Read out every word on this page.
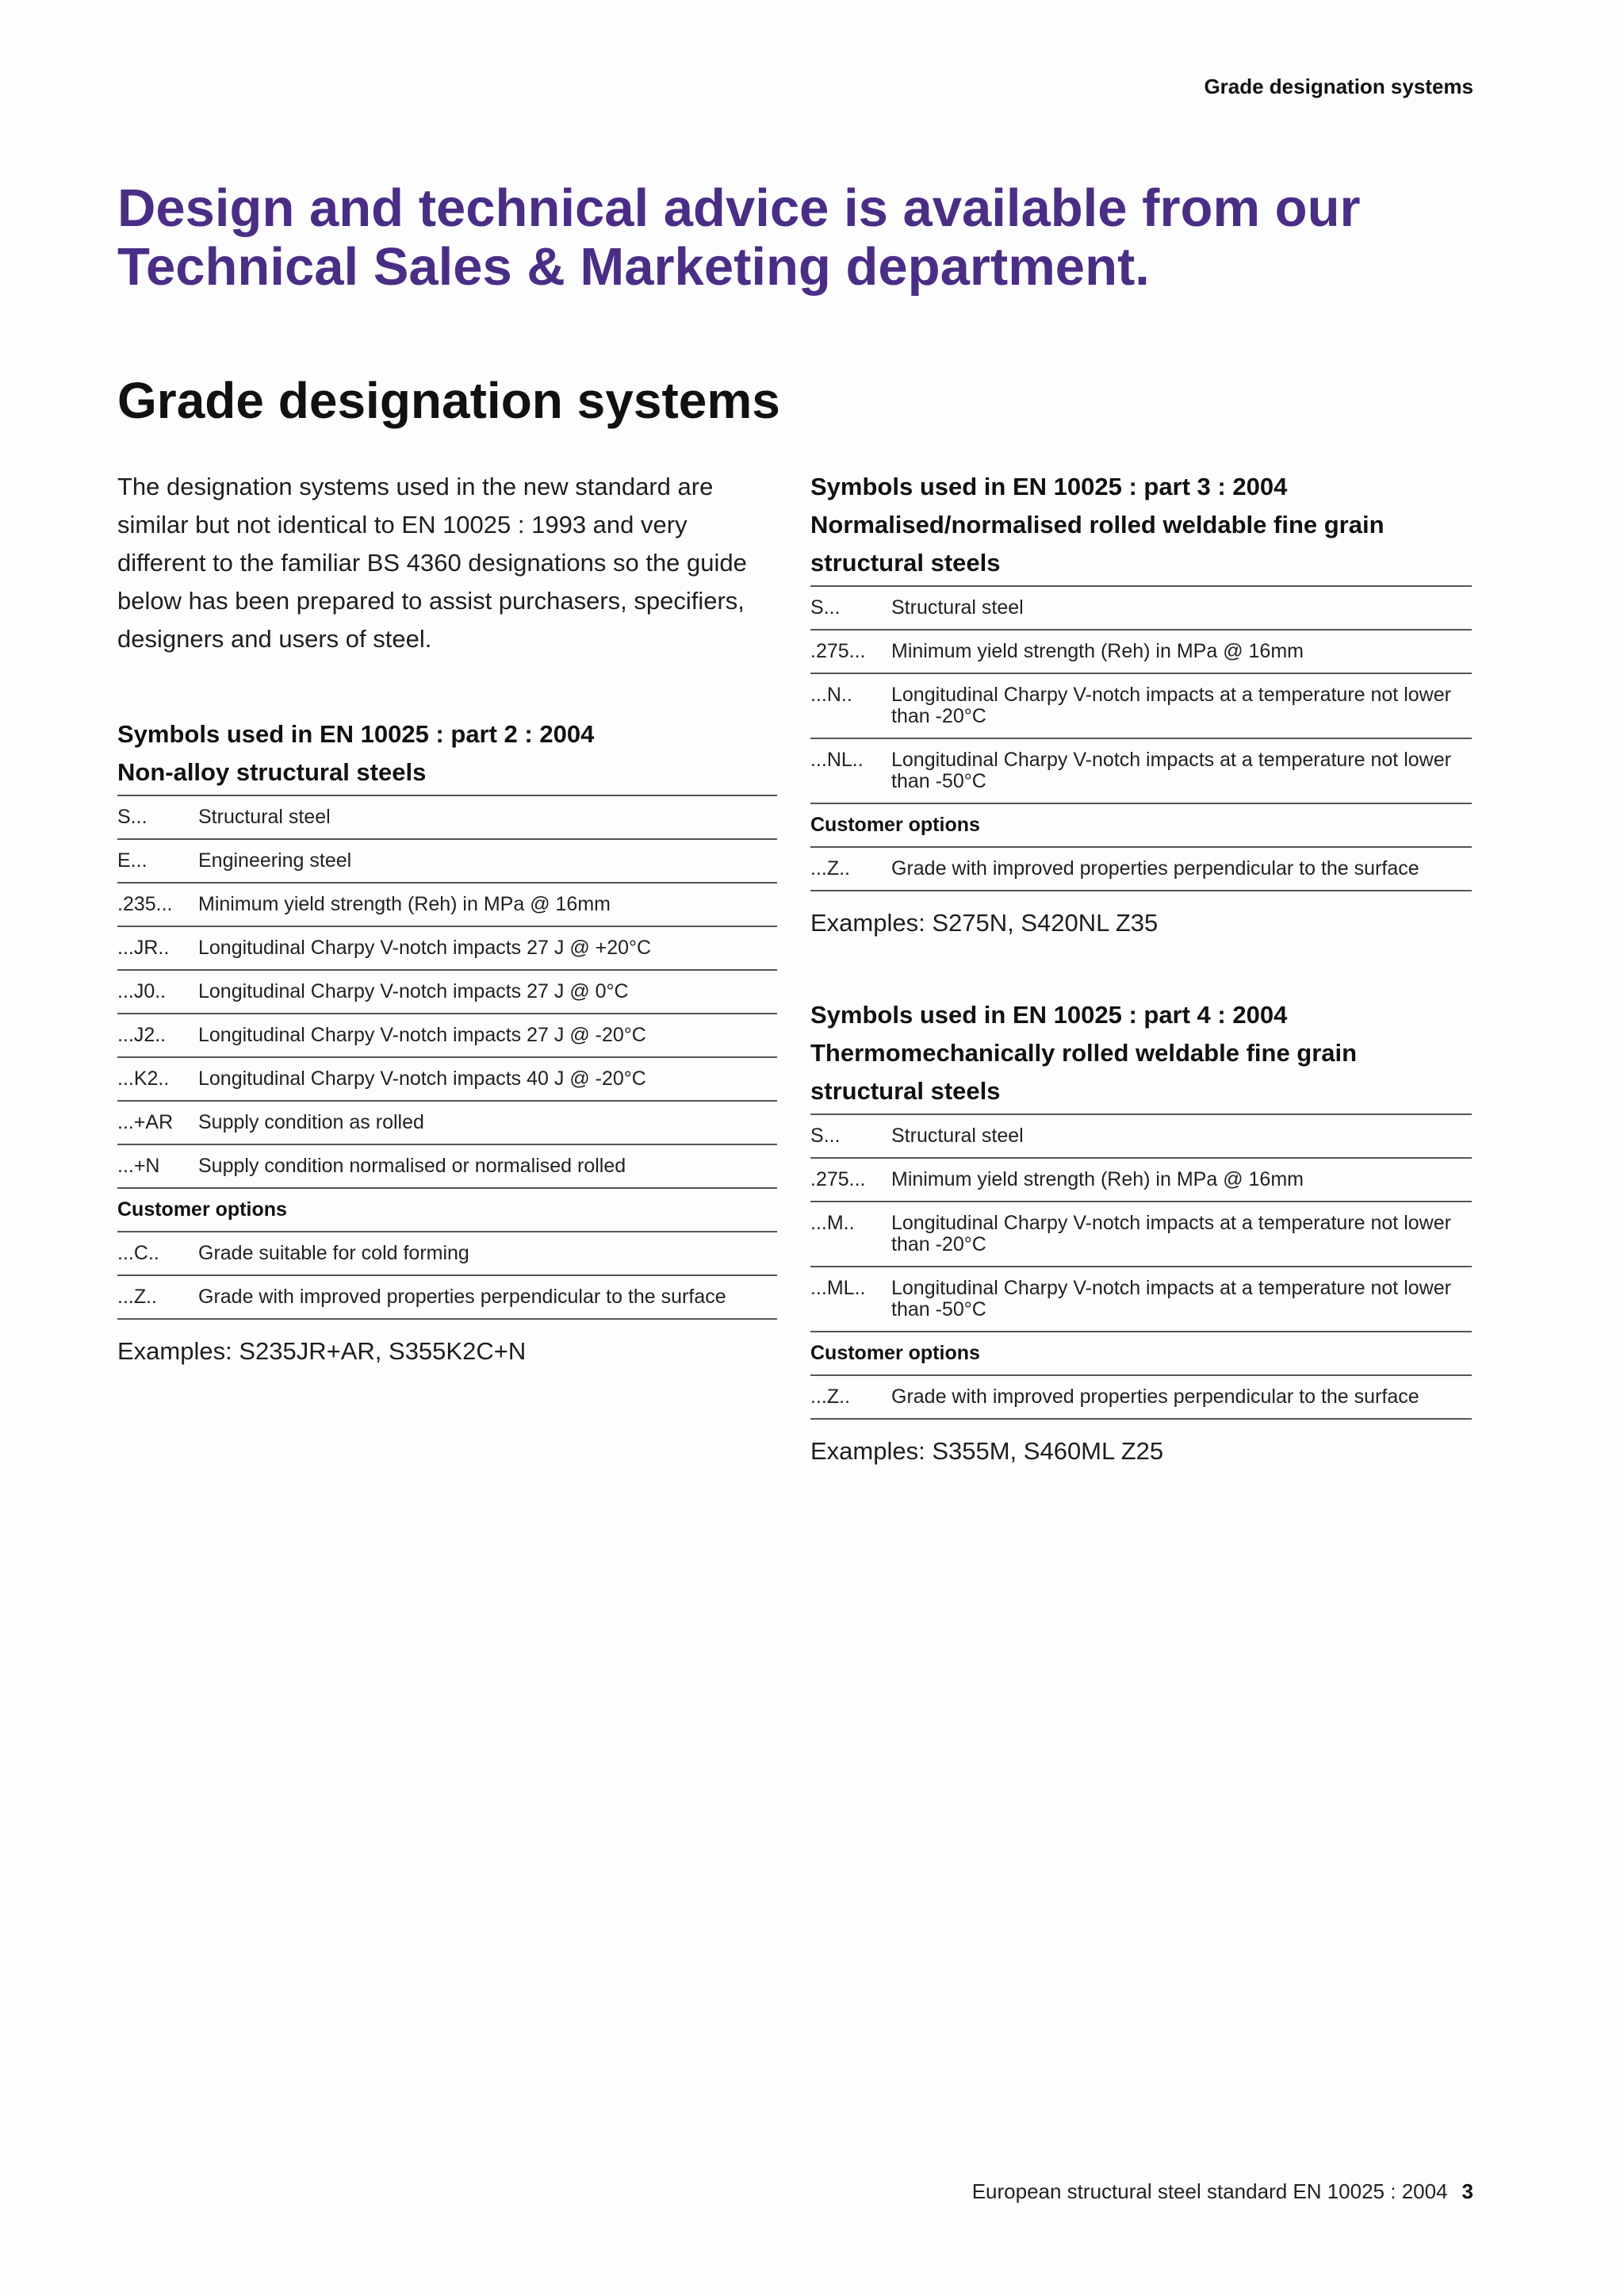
Grade designation systems
Design and technical advice is available from our Technical Sales & Marketing department.
Grade designation systems

The designation systems used in the new standard are similar but not identical to EN 10025 : 1993 and very different to the familiar BS 4360 designations so the guide below has been prepared to assist purchasers, specifiers, designers and users of steel.

Symbols used in EN 10025 : part 2 : 2004
Non-alloy structural steels
S...	Structural steel
E...	Engineering steel
.235...	Minimum yield strength (Reh) in MPa @ 16mm
...JR..	Longitudinal Charpy V-notch impacts 27 J @ +20°C
...J0..	Longitudinal Charpy V-notch impacts 27 J @ 0°C
...J2..	Longitudinal Charpy V-notch impacts 27 J @ -20°C
...K2..	Longitudinal Charpy V-notch impacts 40 J @ -20°C
...+AR	Supply condition as rolled
...+N	Supply condition normalised or normalised rolled
Customer options
...C..	Grade suitable for cold forming
...Z..	Grade with improved properties perpendicular to the surface

Examples: S235JR+AR, S355K2C+N

Symbols used in EN 10025 : part 3 : 2004
Normalised/normalised rolled weldable fine grain structural steels
S...	Structural steel
.275...	Minimum yield strength (Reh) in MPa @ 16mm
...N..	Longitudinal Charpy V-notch impacts at a temperature not lower than -20°C
...NL..	Longitudinal Charpy V-notch impacts at a temperature not lower than -50°C
Customer options
...Z..	Grade with improved properties perpendicular to the surface

Examples: S275N, S420NL Z35

Symbols used in EN 10025 : part 4 : 2004
Thermomechanically rolled weldable fine grain structural steels
S...	Structural steel
.275...	Minimum yield strength (Reh) in MPa @ 16mm
...M..	Longitudinal Charpy V-notch impacts at a temperature not lower than -20°C
...ML..	Longitudinal Charpy V-notch impacts at a temperature not lower than -50°C
Customer options
...Z..	Grade with improved properties perpendicular to the surface

Examples: S355M, S460ML Z25

European structural steel standard EN 10025 : 2004 3
